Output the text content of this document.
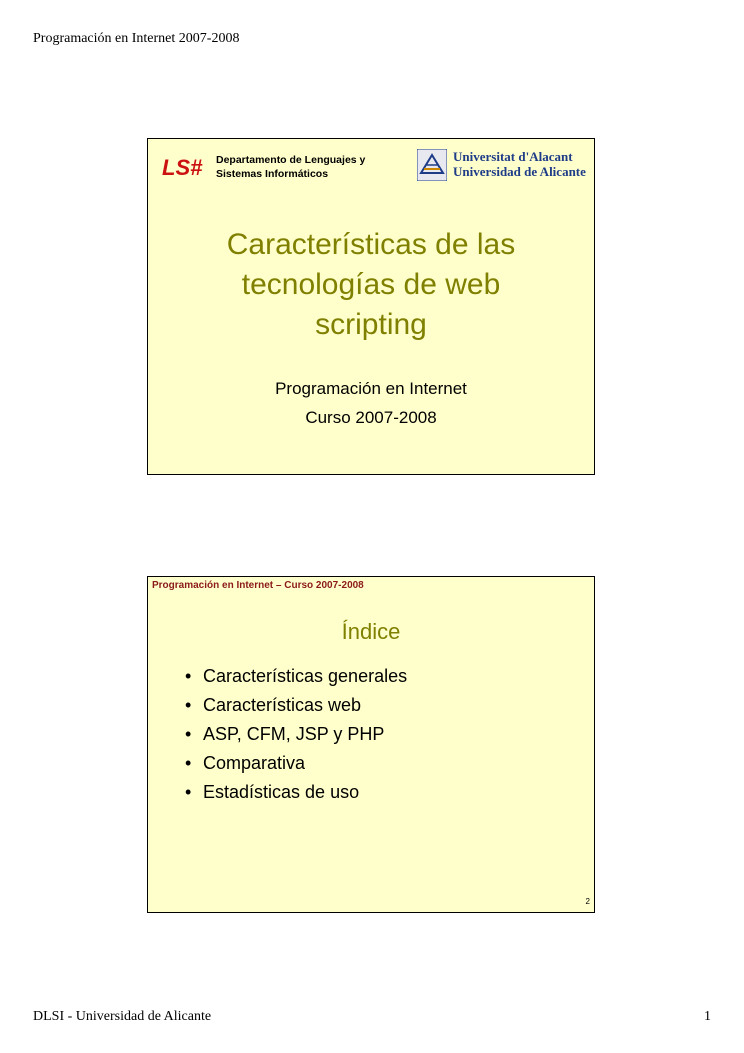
Programación en Internet 2007-2008
LS# Departamento de Lenguajes y
Sistemas Informáticos
Universitat d'Alacant
Universidad de Alicante
Características de las
tecnologías de web
scripting
Programación en Internet
Curso 2007-2008
Programación en Internet – Curso 2007-2008
Índice
• Características generales
• Características web
• ASP, CFM, JSP y PHP
• Comparativa
• Estadísticas de uso
2
DLSI - Universidad de Alicante	1
